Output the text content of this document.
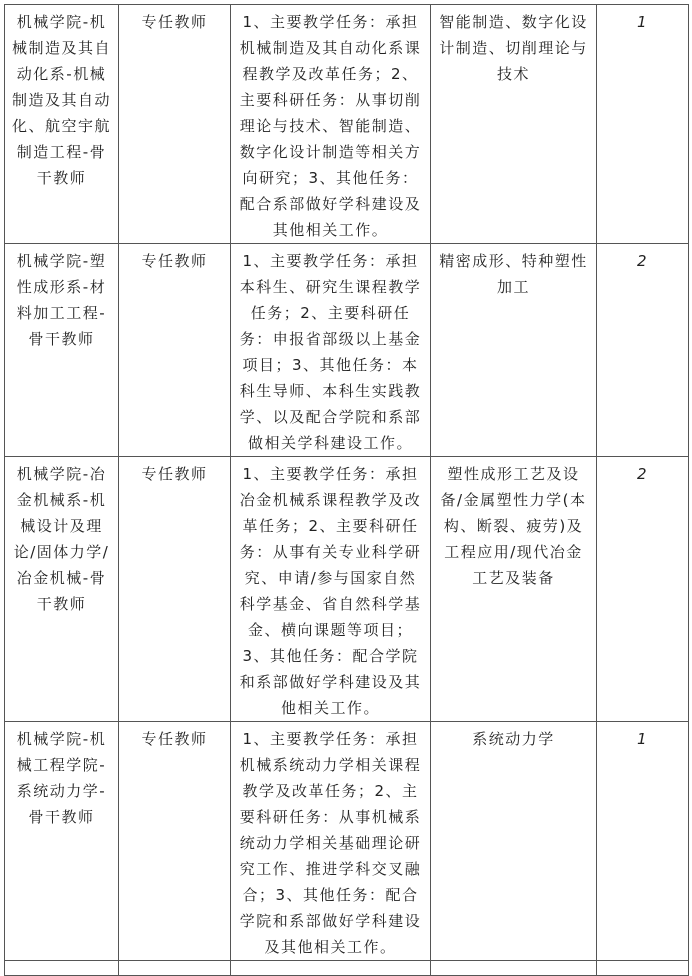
机械学院-机械制造及其自动化系-机械制造及其自动化、航空宇航制造工程-骨干教师	专任教师	1、主要教学任务：承担机械制造及其自动化系课程教学及改革任务；2、主要科研任务：从事切削理论与技术、智能制造、数字化设计制造等相关方向研究；3、其他任务：配合系部做好学科建设及其他相关工作。	智能制造、数字化设计制造、切削理论与技术	1
机械学院-塑性成形系-材料加工工程-骨干教师	专任教师	1、主要教学任务：承担本科生、研究生课程教学任务；2、主要科研任务：申报省部级以上基金项目；3、其他任务：本科生导师、本科生实践教学、以及配合学院和系部做相关学科建设工作。	精密成形、特种塑性加工	2
机械学院-冶金机械系-机械设计及理论/固体力学/冶金机械-骨干教师	专任教师	1、主要教学任务：承担冶金机械系课程教学及改革任务；2、主要科研任务：从事有关专业科学研究、申请/参与国家自然科学基金、省自然科学基金、横向课题等项目；3、其他任务：配合学院和系部做好学科建设及其他相关工作。	塑性成形工艺及设备/金属塑性力学(本构、断裂、疲劳)及工程应用/现代冶金工艺及装备	2
机械学院-机械工程学院-系统动力学-骨干教师	专任教师	1、主要教学任务：承担机械系统动力学相关课程教学及改革任务；2、主要科研任务：从事机械系统动力学相关基础理论研究工作、推进学科交叉融合；3、其他任务：配合学院和系部做好学科建设及其他相关工作。	系统动力学	1
